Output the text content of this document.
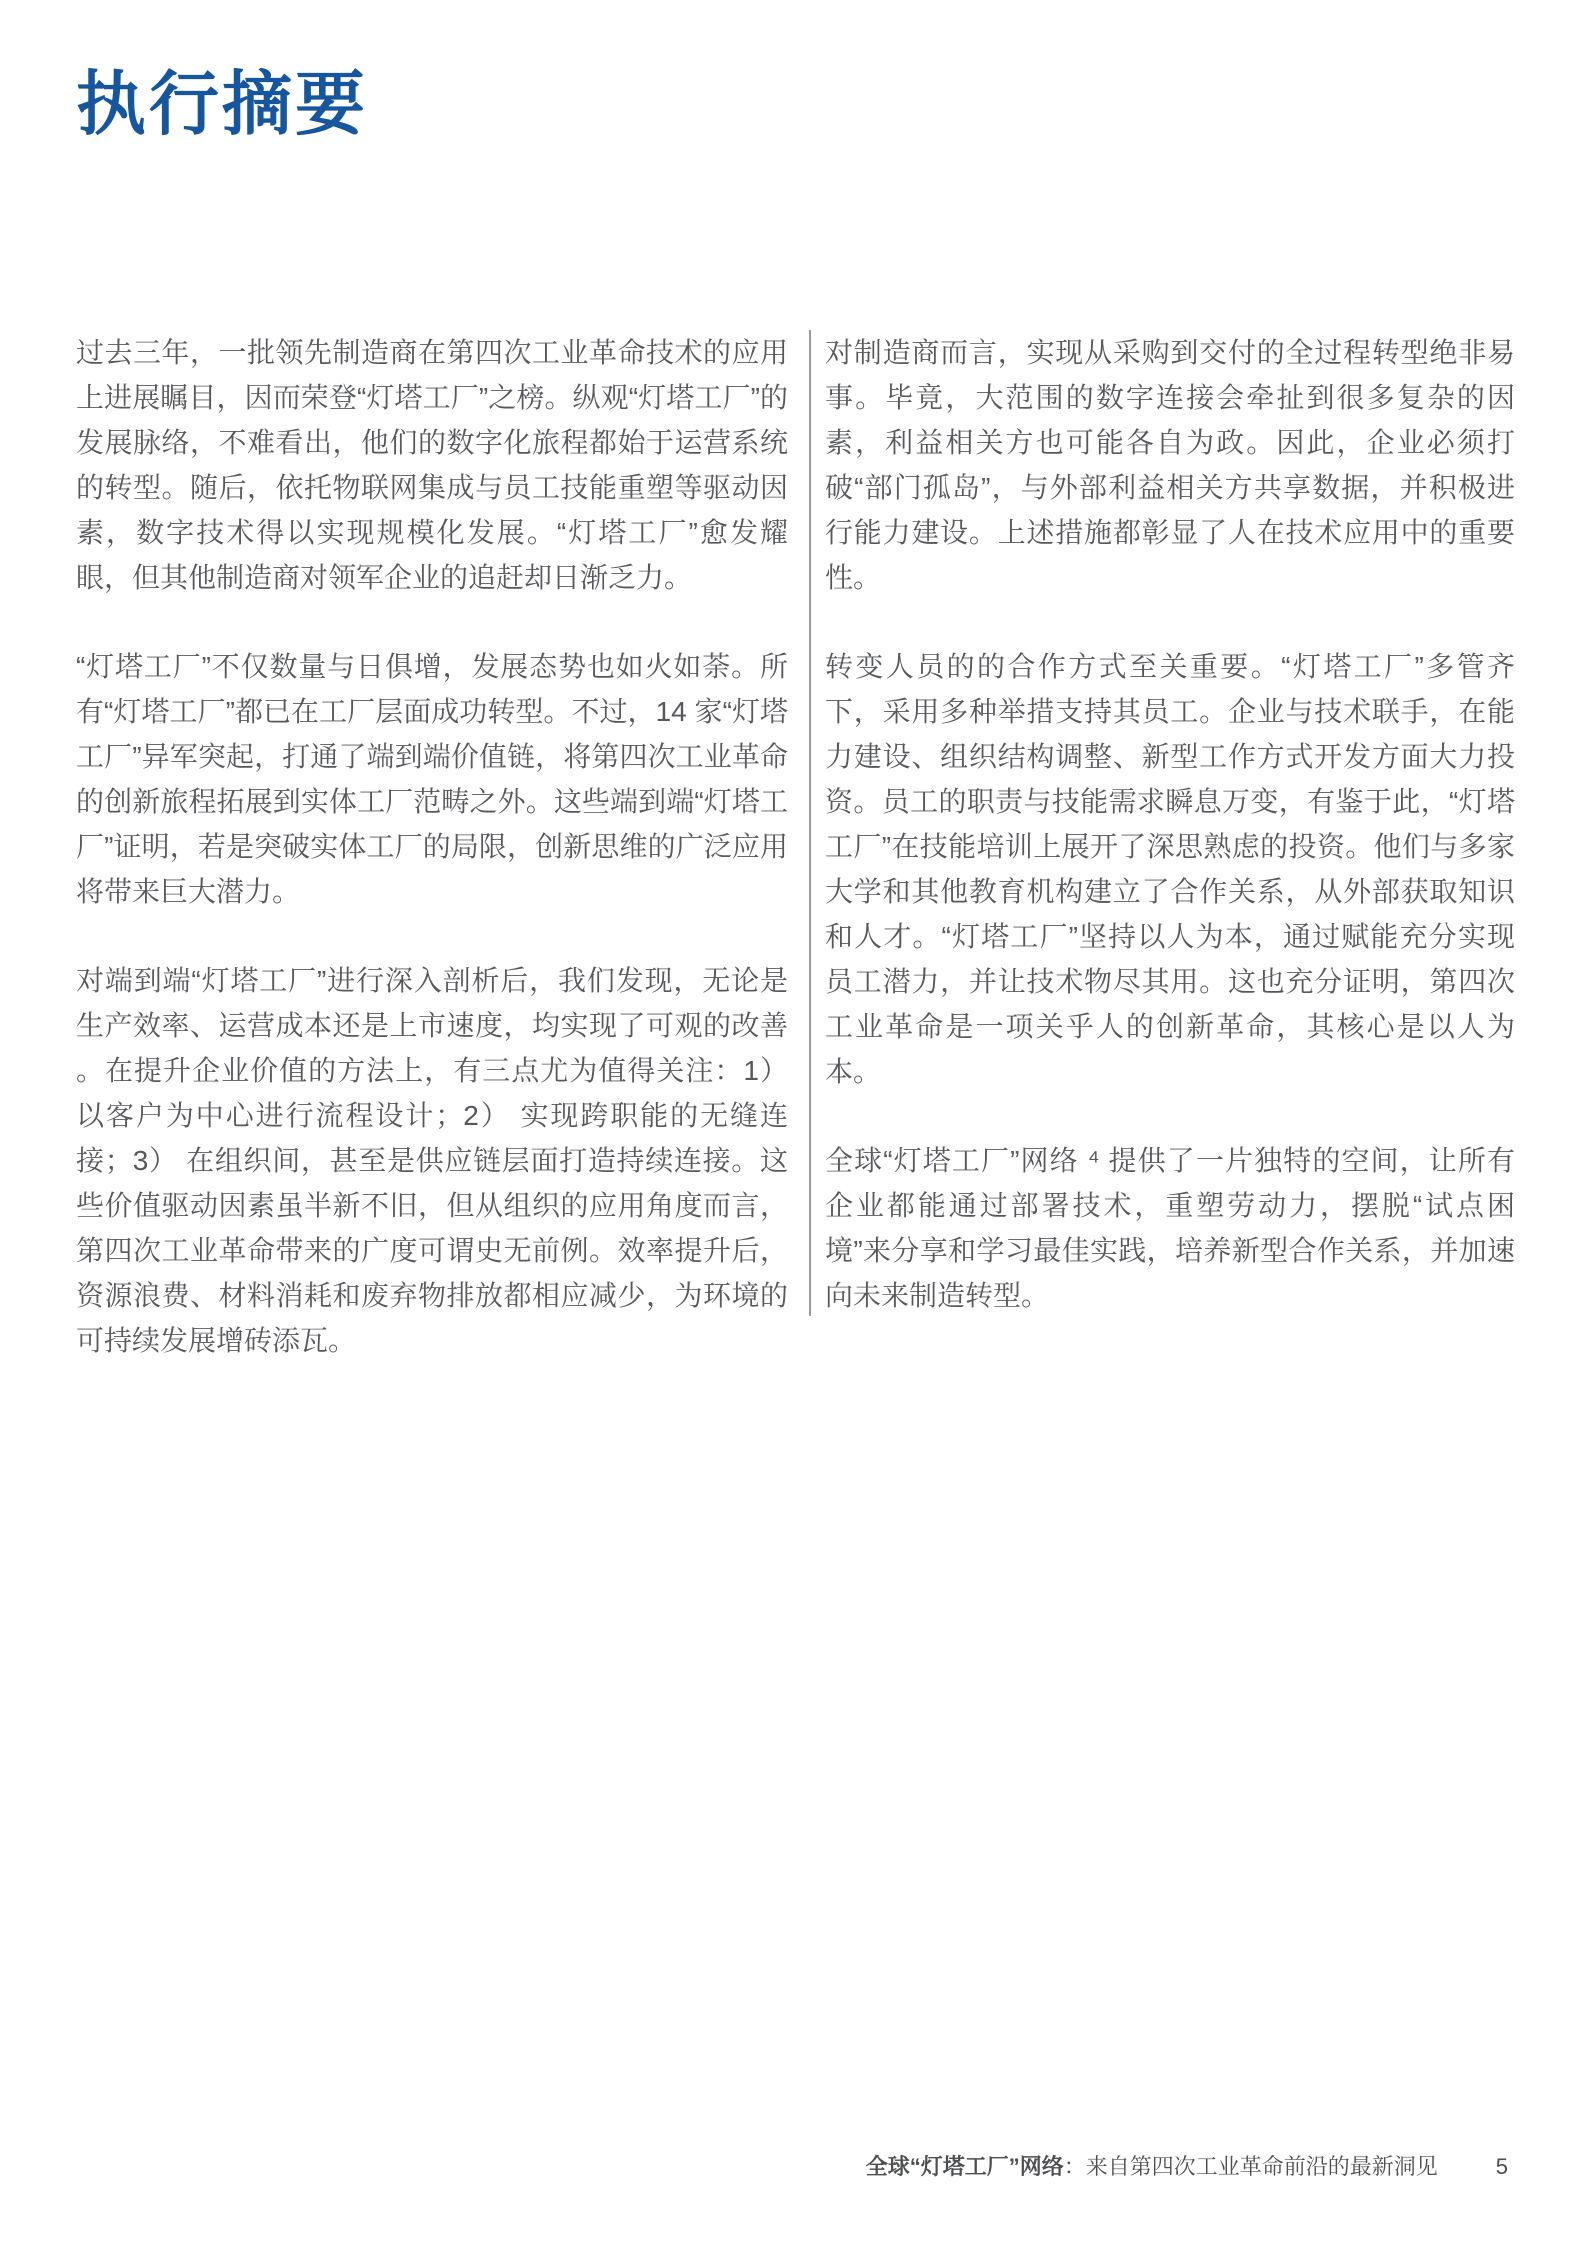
执行摘要

过去三年，一批领先制造商在第四次工业革命技术的应用上进展瞩目，因而荣登“灯塔工厂”之榜。纵观“灯塔工厂”的发展脉络，不难看出，他们的数字化旅程都始于运营系统的转型。随后，依托物联网集成与员工技能重塑等驱动因素，数字技术得以实现规模化发展。“灯塔工厂”愈发耀眼，但其他制造商对领军企业的追赶却日渐乏力。

“灯塔工厂”不仅数量与日俱增，发展态势也如火如荼。所有“灯塔工厂”都已在工厂层面成功转型。不过，14 家“灯塔工厂”异军突起，打通了端到端价值链，将第四次工业革命的创新旅程拓展到实体工厂范畴之外。这些端到端“灯塔工厂”证明，若是突破实体工厂的局限，创新思维的广泛应用将带来巨大潜力。

对端到端“灯塔工厂”进行深入剖析后，我们发现，无论是生产效率、运营成本还是上市速度，均实现了可观的改善 。在提升企业价值的方法上，有三点尤为值得关注：1） 以客户为中心进行流程设计；2） 实现跨职能的无缝连接；3） 在组织间，甚至是供应链层面打造持续连接。这些价值驱动因素虽半新不旧，但从组织的应用角度而言，第四次工业革命带来的广度可谓史无前例。效率提升后，资源浪费、材料消耗和废弃物排放都相应减少，为环境的可持续发展增砖添瓦。

对制造商而言，实现从采购到交付的全过程转型绝非易事。毕竟，大范围的数字连接会牵扯到很多复杂的因素，利益相关方也可能各自为政。因此，企业必须打破“部门孤岛”，与外部利益相关方共享数据，并积极进行能力建设。上述措施都彰显了人在技术应用中的重要性。

转变人员的的合作方式至关重要。“灯塔工厂”多管齐下，采用多种举措支持其员工。企业与技术联手，在能力建设、组织结构调整、新型工作方式开发方面大力投资。员工的职责与技能需求瞬息万变，有鉴于此，“灯塔工厂”在技能培训上展开了深思熟虑的投资。他们与多家大学和其他教育机构建立了合作关系，从外部获取知识和人才。“灯塔工厂”坚持以人为本，通过赋能充分实现员工潜力，并让技术物尽其用。这也充分证明，第四次工业革命是一项关乎人的创新革命，其核心是以人为本。

全球“灯塔工厂”网络 ⁴ 提供了一片独特的空间，让所有企业都能通过部署技术，重塑劳动力，摆脱“试点困境”来分享和学习最佳实践，培养新型合作关系，并加速向未来制造转型。

全球“灯塔工厂”网络 ：来自第四次工业革命前沿的最新洞见	5
